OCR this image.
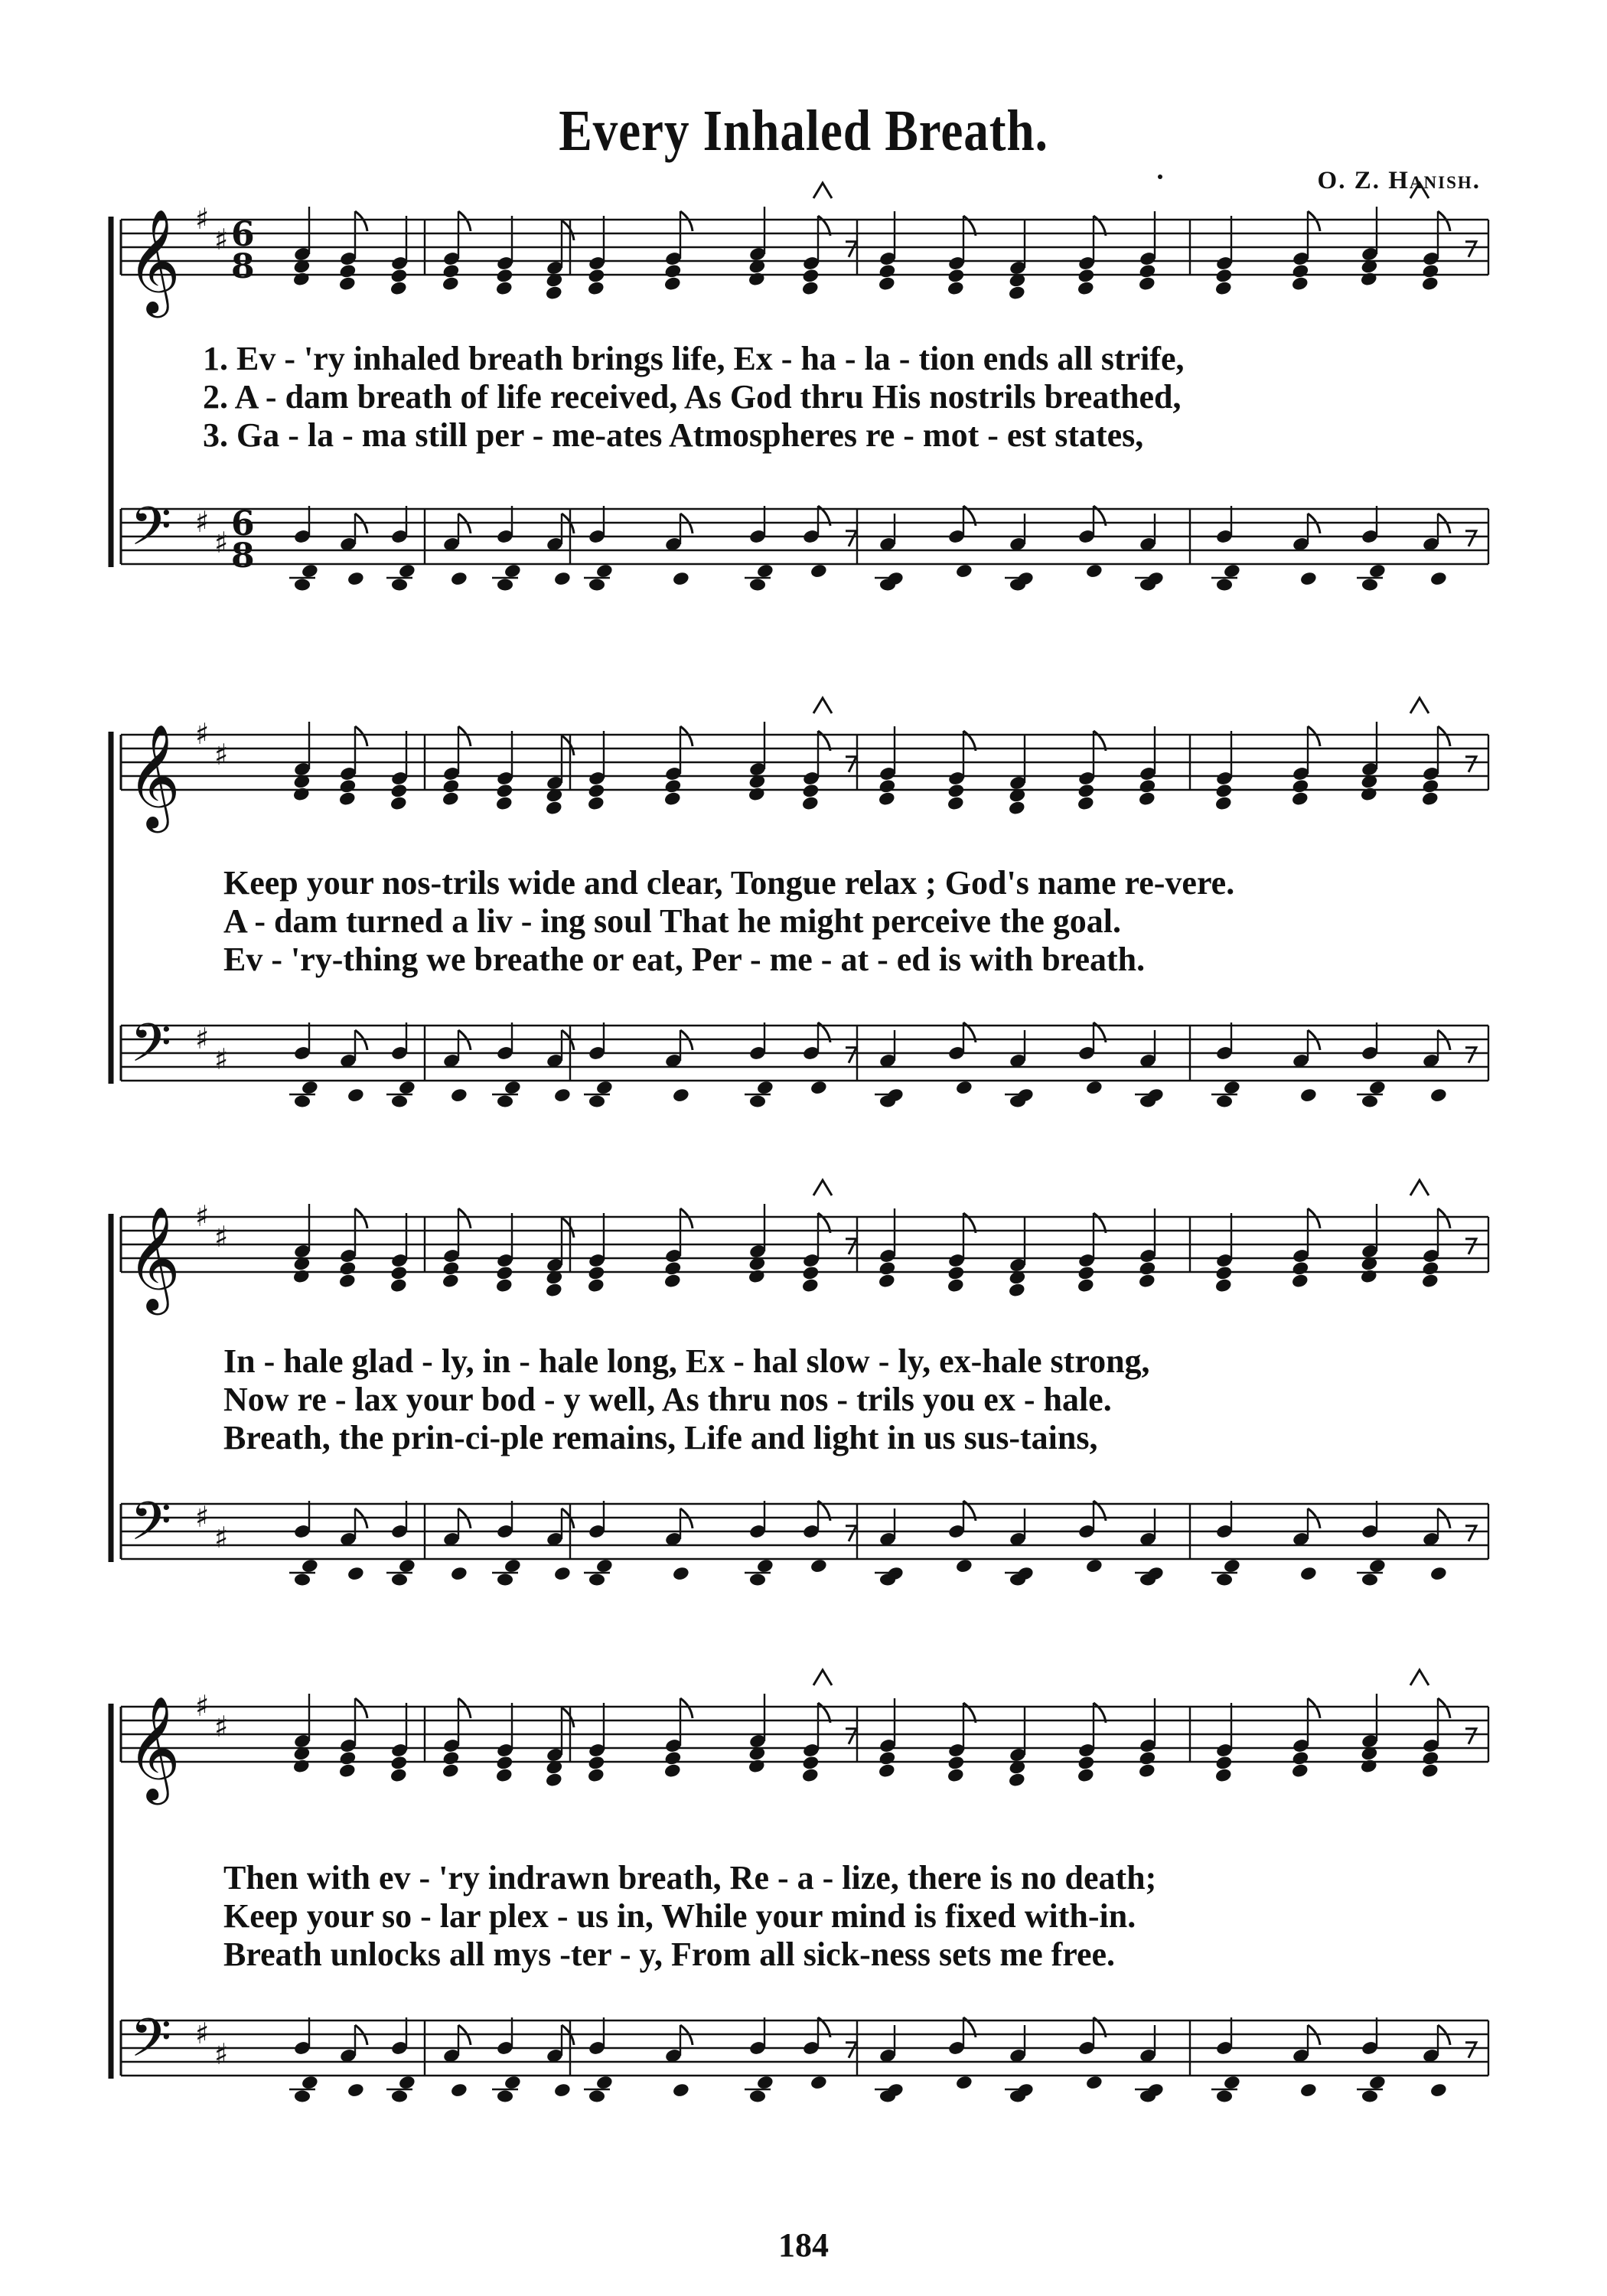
Every Inhaled Breath.
O. Z. Hanish.
𝄞 ♯
♯ 6
8
𝄢 ♯
♯ 6
8
𝄞 ♯
♯
𝄢 ♯
♯
𝄞 ♯
♯
𝄢 ♯
♯
𝄞 ♯
♯
𝄢 ♯
♯
1. Ev - 'ry inhaled breath brings life, Ex - ha - la - tion ends all strife,
2. A - dam breath of life received, As God thru His nostrils breathed,
3. Ga - la - ma still per - me-ates Atmospheres re - mot - est states,
Keep your nos-trils wide and clear, Tongue relax ; God's name re-vere.
A - dam turned a liv - ing soul That he might perceive the goal.
Ev - 'ry-thing we breathe or eat, Per - me - at - ed is with breath.
In - hale glad - ly, in - hale long, Ex - hal slow - ly, ex-hale strong,
Now re - lax your bod - y well, As thru nos - trils you ex - hale.
Breath, the prin-ci-ple remains, Life and light in us sus-tains,
Then with ev - 'ry indrawn breath, Re - a - lize, there is no death;
Keep your so - lar plex - us in, While your mind is fixed with-in.
Breath unlocks all mys -ter - y, From all sick-ness sets me free.
184
